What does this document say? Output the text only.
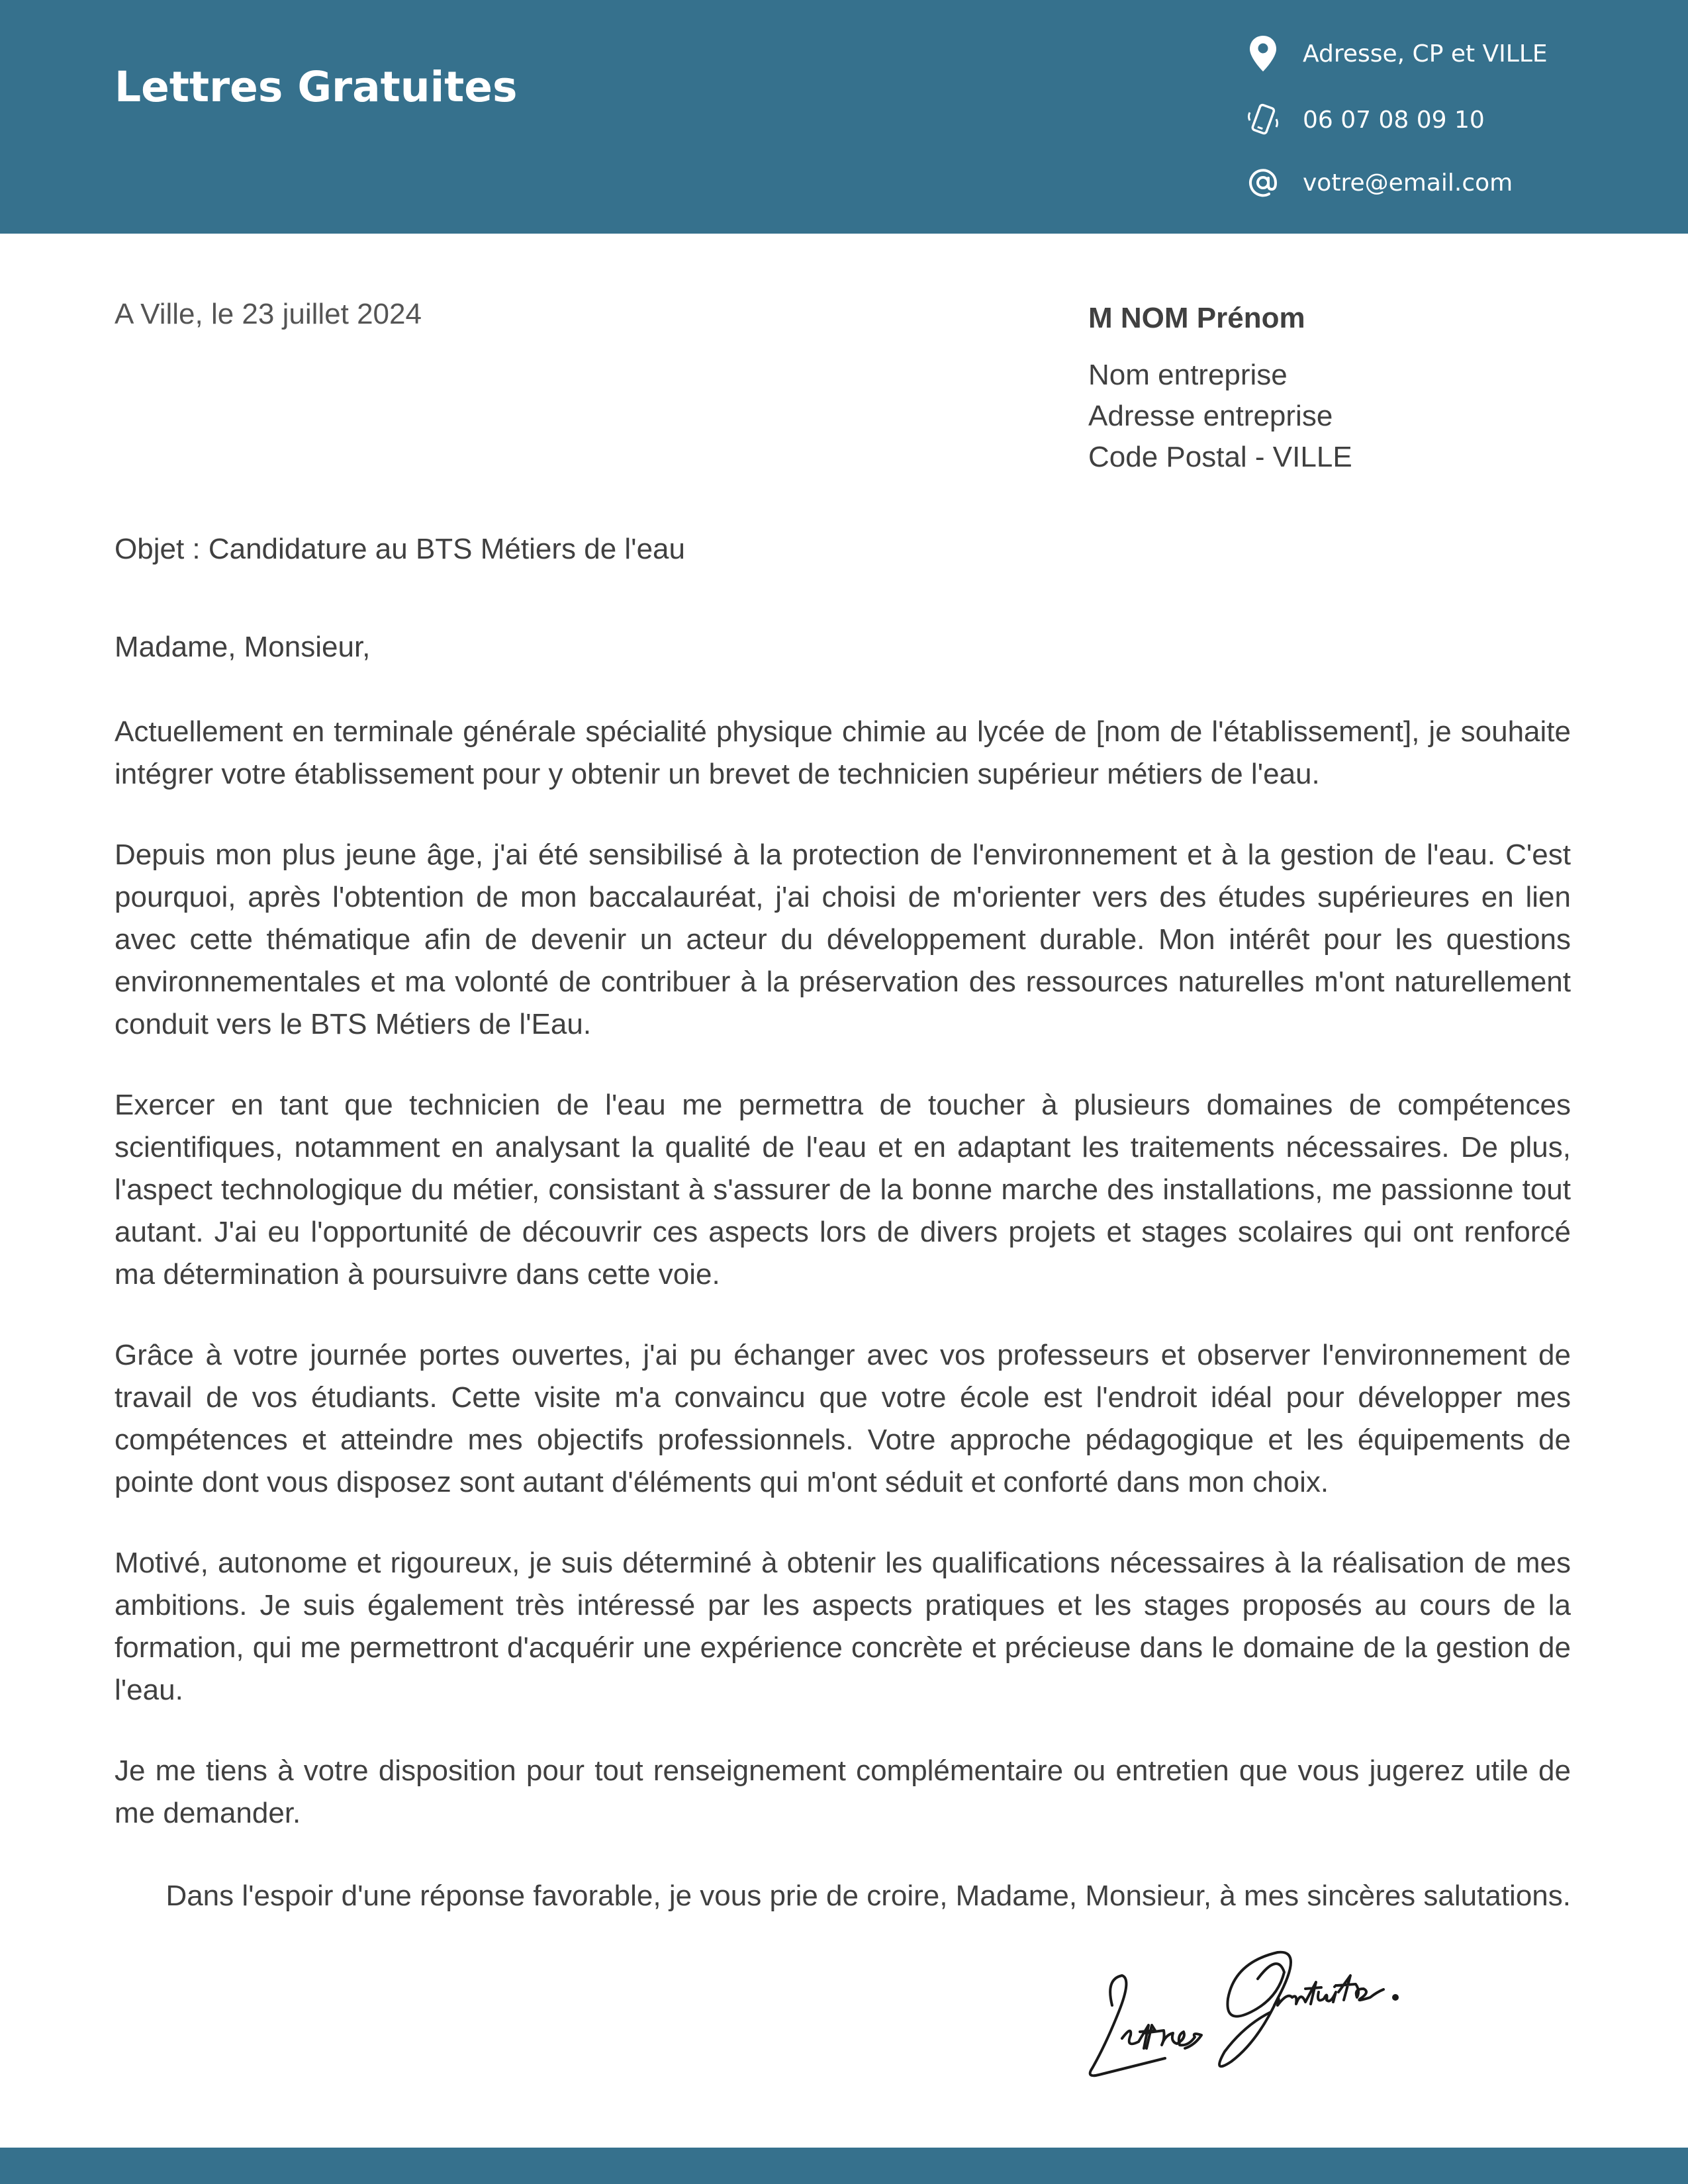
Lettres Gratuites
Adresse, CP et VILLE
06 07 08 09 10
votre@email.com
A Ville, le 23 juillet 2024	M NOM Prénom
Nom entreprise
Adresse entreprise
Code Postal - VILLE
Objet : Candidature au BTS Métiers de l'eau
Madame, Monsieur,

Actuellement en terminale générale spécialité physique chimie au lycée de [nom de l'établissement], je souhaite intégrer votre établissement pour y obtenir un brevet de technicien supérieur métiers de l'eau.

Depuis mon plus jeune âge, j'ai été sensibilisé à la protection de l'environnement et à la gestion de l'eau. C'est pourquoi, après l'obtention de mon baccalauréat, j'ai choisi de m'orienter vers des études supérieures en lien avec cette thématique afin de devenir un acteur du développement durable. Mon intérêt pour les questions environnementales et ma volonté de contribuer à la préservation des ressources naturelles m'ont naturellement conduit vers le BTS Métiers de l'Eau.

Exercer en tant que technicien de l'eau me permettra de toucher à plusieurs domaines de compétences scientifiques, notamment en analysant la qualité de l'eau et en adaptant les traitements nécessaires. De plus, l'aspect technologique du métier, consistant à s'assurer de la bonne marche des installations, me passionne tout autant. J'ai eu l'opportunité de découvrir ces aspects lors de divers projets et stages scolaires qui ont renforcé ma détermination à poursuivre dans cette voie.

Grâce à votre journée portes ouvertes, j'ai pu échanger avec vos professeurs et observer l'environnement de travail de vos étudiants. Cette visite m'a convaincu que votre école est l'endroit idéal pour développer mes compétences et atteindre mes objectifs professionnels. Votre approche pédagogique et les équipements de pointe dont vous disposez sont autant d'éléments qui m'ont séduit et conforté dans mon choix.

Motivé, autonome et rigoureux, je suis déterminé à obtenir les qualifications nécessaires à la réalisation de mes ambitions. Je suis également très intéressé par les aspects pratiques et les stages proposés au cours de la formation, qui me permettront d'acquérir une expérience concrète et précieuse dans le domaine de la gestion de l'eau.

Je me tiens à votre disposition pour tout renseignement complémentaire ou entretien que vous jugerez utile de me demander.

Dans l'espoir d'une réponse favorable, je vous prie de croire, Madame, Monsieur, à mes sincères salutations.
